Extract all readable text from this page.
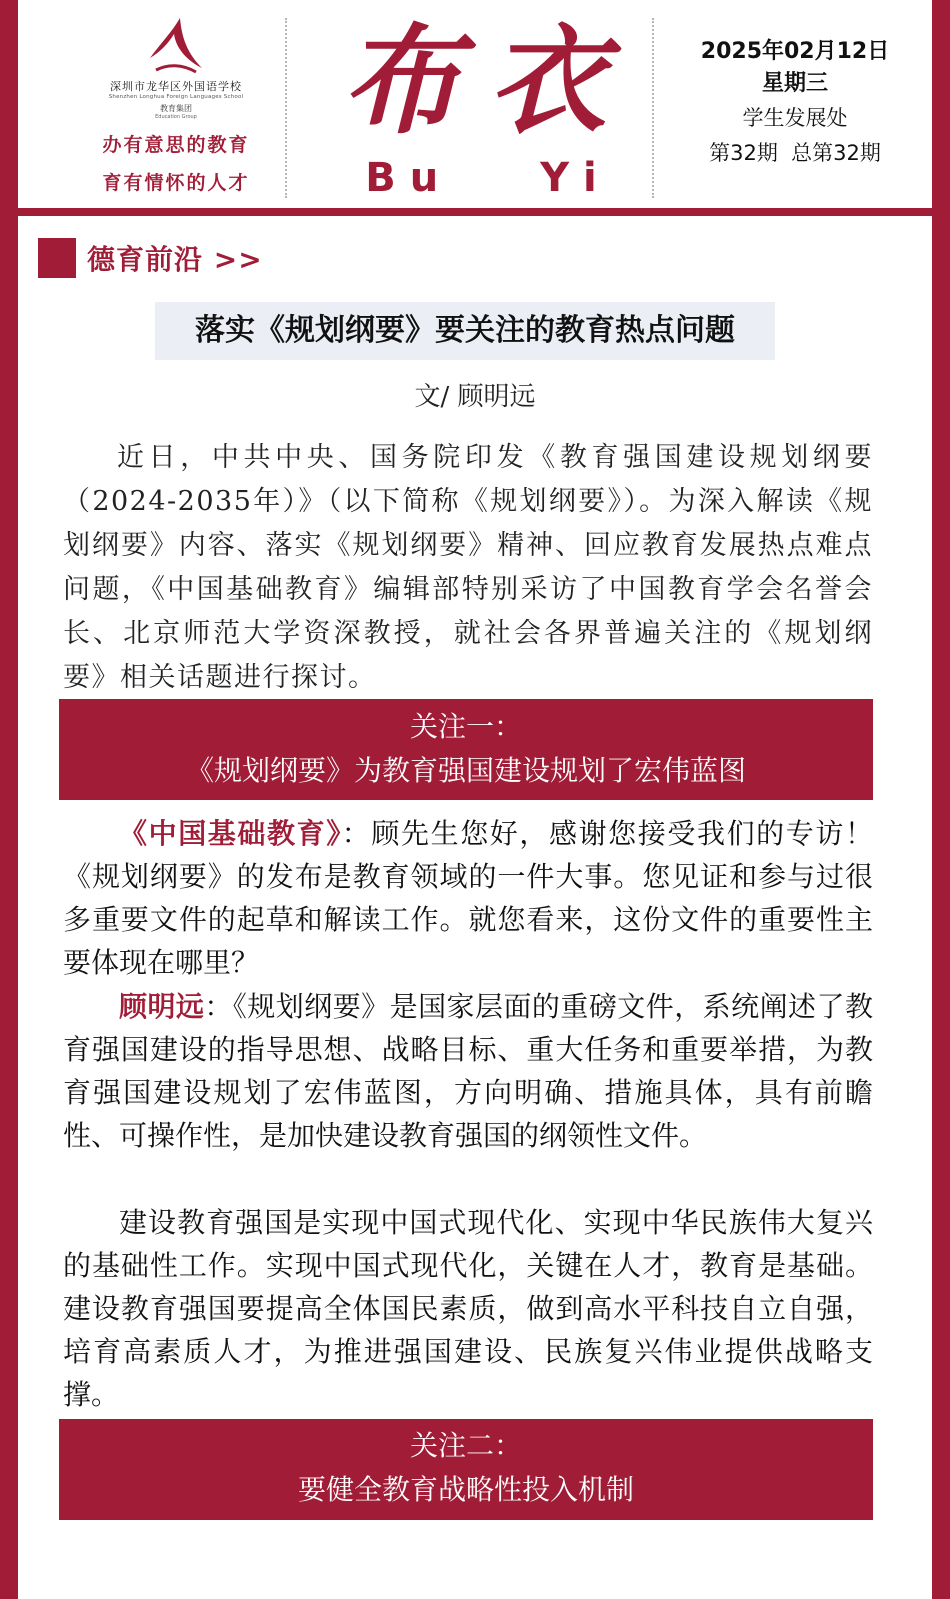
深圳市龙华区外国语学校
Shenzhen Longhua Foreign Languages School
教育集团
Education Group
办有意思的教育
育有情怀的人才
布衣
Bu Yi
2025年02月12日
星期三
学生发展处
第32期  总第32期
德育前沿 >>
落实《规划纲要》要关注的教育热点问题
文/ 顾明远
近日，中共中央、国务院印发《教育强国建设规划纲要（2024-2035年）》（以下简称《规划纲要》）。为深入解读《规划纲要》内容、落实《规划纲要》精神、回应教育发展热点难点问题，《中国基础教育》编辑部特别采访了中国教育学会名誉会长、北京师范大学资深教授，就社会各界普遍关注的《规划纲要》相关话题进行探讨。
关注一：
《规划纲要》为教育强国建设规划了宏伟蓝图

《中国基础教育》：顾先生您好，感谢您接受我们的专访！《规划纲要》的发布是教育领域的一件大事。您见证和参与过很多重要文件的起草和解读工作。就您看来，这份文件的重要性主要体现在哪里？

顾明远：《规划纲要》是国家层面的重磅文件，系统阐述了教育强国建设的指导思想、战略目标、重大任务和重要举措，为教育强国建设规划了宏伟蓝图，方向明确、措施具体，具有前瞻性、可操作性，是加快建设教育强国的纲领性文件。

建设教育强国是实现中国式现代化、实现中华民族伟大复兴的基础性工作。实现中国式现代化，关键在人才，教育是基础。建设教育强国要提高全体国民素质，做到高水平科技自立自强，培育高素质人才，为推进强国建设、民族复兴伟业提供战略支撑。

关注二：
要健全教育战略性投入机制
